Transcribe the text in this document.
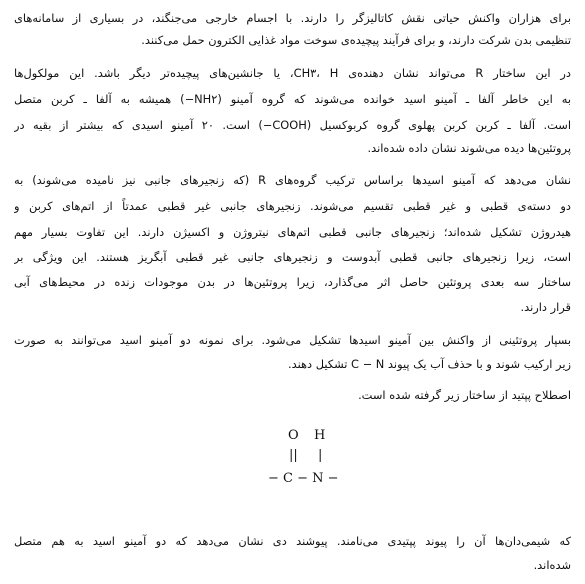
برای هزاران واکنش حیاتی نقش کاتالیزگر را دارند. با اجسام خارجی می‌جنگند، در بسیاری از سامانه‌های
تنظیمی بدن شرکت دارند، و برای فرآیند پیچیده‌ی سوخت مواد غذایی الکترون حمل می‌کنند.
در این ساختار R می‌تواند نشان دهنده‌ی CH۳، H، یا جانشین‌های پیچیده‌تر دیگر باشد. این مولکول‌ها
به این خاطر آلفا ـ آمینو اسید خوانده می‌شوند که گروه آمینو (NH۲−) همیشه به آلفا ـ کربن متصل
است. آلفا ـ کربن کربن پهلوی گروه کربوکسیل (COOH−) است. ۲۰ آمینو اسیدی که بیشتر از بقیه در
پروتئین‌ها دیده می‌شوند نشان داده شده‌اند.
نشان می‌دهد که آمینو اسیدها براساس ترکیب گروه‌های R (که زنجیرهای جانبی نیز نامیده می‌شوند) به
دو دسته‌ی قطبی و غیر قطبی تقسیم می‌شوند. زنجیرهای جانبی غیر قطبی عمدتاً از اتم‌های کربن و
هیدروژن تشکیل شده‌اند؛ زنجیرهای جانبی قطبی اتم‌های نیتروژن و اکسیژن دارند. این تفاوت بسیار مهم
است، زیرا زنجیرهای جانبی قطبی آبدوست و زنجیرهای جانبی غیر قطبی آبگریز هستند. این ویژگی بر
ساختار سه بعدی پروتئین حاصل اثر می‌گذارد، زیرا پروتئین‌ها در بدن موجودات زنده در محیط‌های آبی
قرار دارند.
بسپار پروتئینی از واکنش بین آمینو اسیدها تشکیل می‌شود. برای نمونه دو آمینو اسید می‌توانند به صورت
زیر ارکیب شوند و با حذف آب یک پیوند C − N تشکیل دهند.
اصطلاح پپتید از ساختار زیر گرفته شده است.
O H
|| |
− C − N −
که شیمی‌دان‌ها آن را پیوند پپتیدی می‌نامند. پیوشند دی نشان می‌دهد که دو آمینو اسید به هم متصل
شده‌اند.
